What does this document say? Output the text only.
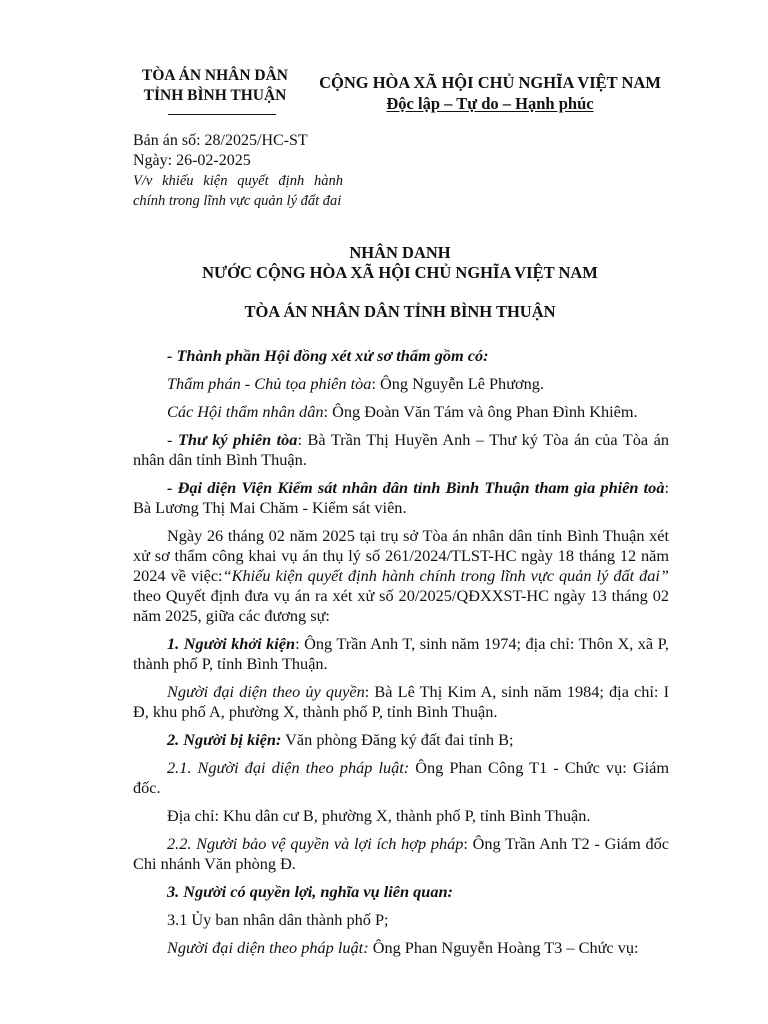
TÒA ÁN NHÂN DÂN
TỈNH BÌNH THUẬN
CỘNG HÒA XÃ HỘI CHỦ NGHĨA VIỆT NAM
Độc lập – Tự do – Hạnh phúc
Bản án số: 28/2025/HC-ST
Ngày: 26-02-2025
V/v khiếu kiện quyết định hành chính trong lĩnh vực quản lý đất đai
NHÂN DANH
NƯỚC CỘNG HÒA XÃ HỘI CHỦ NGHĨA VIỆT NAM
TÒA ÁN NHÂN DÂN TỈNH BÌNH THUẬN

- Thành phần Hội đồng xét xử sơ thẩm gồm có:

Thẩm phán - Chủ tọa phiên tòa: Ông Nguyễn Lê Phương.

Các Hội thẩm nhân dân: Ông Đoàn Văn Tám và ông Phan Đình Khiêm.

- Thư ký phiên tòa: Bà Trần Thị Huyền Anh – Thư ký Tòa án của Tòa án nhân dân tỉnh Bình Thuận.

- Đại diện Viện Kiểm sát nhân dân tỉnh Bình Thuận tham gia phiên toà: Bà Lương Thị Mai Chăm - Kiểm sát viên.

Ngày 26 tháng 02 năm 2025 tại trụ sở Tòa án nhân dân tỉnh Bình Thuận xét xử sơ thẩm công khai vụ án thụ lý số 261/2024/TLST-HC ngày 18 tháng 12 năm 2024 về việc:“Khiếu kiện quyết định hành chính trong lĩnh vực quản lý đất đai” theo Quyết định đưa vụ án ra xét xử số 20/2025/QĐXXST-HC ngày 13 tháng 02 năm 2025, giữa các đương sự:

1. Người khởi kiện: Ông Trần Anh T, sinh năm 1974; địa chỉ: Thôn X, xã P, thành phố P, tỉnh Bình Thuận.

Người đại diện theo ủy quyền: Bà Lê Thị Kim A, sinh năm 1984; địa chỉ: I Đ, khu phố A, phường X, thành phố P, tỉnh Bình Thuận.

2. Người bị kiện: Văn phòng Đăng ký đất đai tỉnh B;

2.1. Người đại diện theo pháp luật: Ông Phan Công T1 - Chức vụ: Giám đốc.

Địa chỉ: Khu dân cư B, phường X, thành phố P, tỉnh Bình Thuận.

2.2. Người bảo vệ quyền và lợi ích hợp pháp: Ông Trần Anh T2 - Giám đốc Chi nhánh Văn phòng Đ.

3. Người có quyền lợi, nghĩa vụ liên quan:

3.1 Ủy ban nhân dân thành phố P;

Người đại diện theo pháp luật: Ông Phan Nguyễn Hoàng T3 – Chức vụ:
